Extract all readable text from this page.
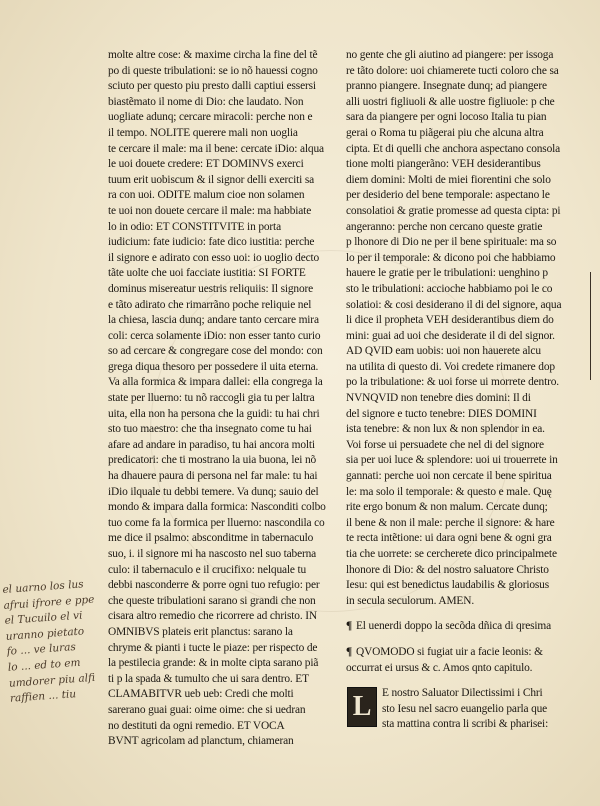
molte altre cose: & maxime circha la fine del tẽ
po di queste tribulationi: se io nõ hauessi cogno
sciuto per questo piu presto dalli captiui essersi
biastẽmato il nome di Dio: che laudato. Non
uogliate adunq; cercare miracoli: perche non e
il tempo. NOLITE querere mali non uoglia
te cercare il male: ma il bene: cercate iDio: alqua
le uoi douete credere: ET DOMINVS exerci
tuum erit uobiscum & il signor delli exerciti sa
ra con uoi. ODITE malum cioe non solamen
te uoi non douete cercare il male: ma habbiate
lo in odio: ET CONSTITVITE in porta
iudicium: fate iudicio: fate dico iustitia: perche
il signore e adirato con esso uoi: io uoglio decto
tãte uolte che uoi facciate iustitia: SI FORTE
dominus misereatur uestris reliquiis: Il signore
e tãto adirato che rimarrãno poche reliquie nel
la chiesa, lascia dunq; andare tanto cercare mira
coli: cerca solamente iDio: non esser tanto curio
so ad cercare & congregare cose del mondo: con
grega diqua thesoro per possedere il uita eterna.
Va alla formica & impara dallei: ella congrega la
state per lluerno: tu nõ raccogli gia tu per laltra
uita, ella non ha persona che la guidi: tu hai chri
sto tuo maestro: che tha insegnato come tu hai
afare ad andare in paradiso, tu hai ancora molti
predicatori: che ti mostrano la uia buona, lei nõ
ha dhauere paura di persona nel far male: tu hai
iDio ilquale tu debbi temere. Va dunq; sauio del
mondo & impara dalla formica: Nasconditi colbo
tuo come fa la formica per lluerno: nascondila co
me dice il psalmo: absconditme in tabernaculo
suo, i. il signore mi ha nascosto nel suo taberna
culo: il tabernaculo e il crucifixo: nelquale tu
debbi nasconderre & porre ogni tuo refugio: per
che queste tribulationi sarano si grandi che non
cisara altro remedio che ricorrere ad christo. IN
OMNIBVS plateis erit planctus: sarano la
chryme & pianti i tucte le piaze: per rispecto de
la pestilecia grande: & in molte cipta sarano piã
ti p la spada & tumulto che ui sara dentro. ET
CLAMABITVR ueb ueb: Credi che molti
sarerano guai guai: oime oime: che si uedran
no destituti da ogni remedio. ET VOCA
BVNT agricolam ad planctum, chiameran
no gente che gli aiutino ad piangere: per issoga
re tãto dolore: uoi chiamerete tucti coloro che sa
pranno piangere. Insegnate dunq; ad piangere
alli uostri figliuoli & alle uostre figliuole: p che
sara da piangere per ogni locoso Italia tu pian
gerai o Roma tu piãgerai piu che alcuna altra
cipta. Et di quelli che anchora aspectano consola
tione molti piangerãno: VEH desiderantibus
diem domini: Molti de miei fiorentini che solo
per desiderio del bene temporale: aspectano le
consolatioi & gratie promesse ad questa cipta: pi
angeranno: perche non cercano queste gratie
p lhonore di Dio ne per il bene spirituale: ma so
lo per il temporale: & dicono poi che habbiamo
hauere le gratie per le tribulationi: uenghino p
sto le tribulationi: accioche habbiamo poi le co
solatioi: & cosi desiderano il di del signore, aqua
li dice il propheta VEH desiderantibus diem do
mini: guai ad uoi che desiderate il di del signor.
AD QVID eam uobis: uoi non hauerete alcu
na utilita di questo di. Voi credete rimanere dop
po la tribulatione: & uoi forse ui morrete dentro.
NVNQVID non tenebre dies domini: Il di
del signore e tucto tenebre: DIES DOMINI
ista tenebre: & non lux & non splendor in ea.
Voi forse ui persuadete che nel di del signore
sia per uoi luce & splendore: uoi ui trouerrete in
gannati: perche uoi non cercate il bene spiritua
le: ma solo il temporale: & questo e male. Quę
rite ergo bonum & non malum. Cercate dunq;
il bene & non il male: perche il signore: & hare
te recta intẽtione: ui dara ogni bene & ogni gra
tia che uorrete: se cercherete dico principalmete
lhonore di Dio: & del nostro saluatore Christo
Iesu: qui est benedictus laudabilis & gloriosus
in secula seculorum. AMEN.
¶ El uenerdi doppo la secõda dñica di qresima
¶ QVOMODO si fugiat uir a facie leonis: &
occurrat ei ursus & c. Amos qnto capitulo.
L E nostro Saluator Dilectissimi i Chri
sto Iesu nel sacro euangelio parla que
sta mattina contra li scribi & pharisei:
el uarno los lus
afrui ifrore e ppe
el Tucuilo el vi
uranno pietato
fo ... ve luras
lo ... ed to em
umdorer piu alfi
raffien ... tiu
